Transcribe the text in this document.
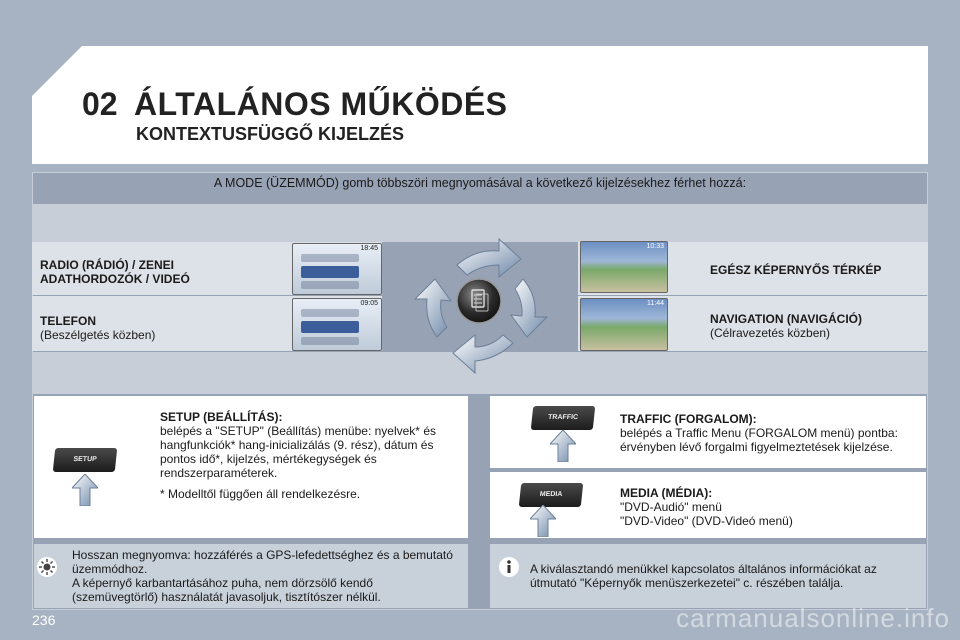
02 ÁLTALÁNOS MŰKÖDÉS
KONTEXTUSFÜGGŐ KIJELZÉS
A MODE (ÜZEMMÓD) gomb többszöri megnyomásával a következő kijelzésekhez férhet hozzá:
RADIO (RÁDIÓ) / ZENEI ADATHORDOZÓK / VIDEÓ
TELEFON
(Beszélgetés közben)
EGÉSZ KÉPERNYŐS TÉRKÉP
NAVIGATION (NAVIGÁCIÓ)
(Célravezetés közben)
18:45
09:05
10:33
11:44
SETUP
SETUP (BEÁLLÍTÁS):
belépés a "SETUP" (Beállítás) menübe: nyelvek* és hangfunkciók* hang-inicializálás (9. rész), dátum és pontos idő*, kijelzés, mértékegységek és rendszerparaméterek.
* Modelltől függően áll rendelkezésre.
TRAFFIC	TRAFFIC (FORGALOM):
belépés a Traffic Menu (FORGALOM menü) pontba: érvényben lévő forgalmi figyelmeztetések kijelzése.
MEDIA	MEDIA (MÉDIA):
"DVD-Audió" menü
"DVD-Video" (DVD-Videó menü)
Hosszan megnyomva: hozzáférés a GPS-lefedettséghez és a bemutató üzemmódhoz.
A képernyő karbantartásához puha, nem dörzsölő kendő (szemüvegtörlő) használatát javasoljuk, tisztítószer nélkül.
A kiválasztandó menükkel kapcsolatos általános információkat az útmutató "Képernyők menüszerkezetei" c. részében találja.
236	carmanualsonline.info
